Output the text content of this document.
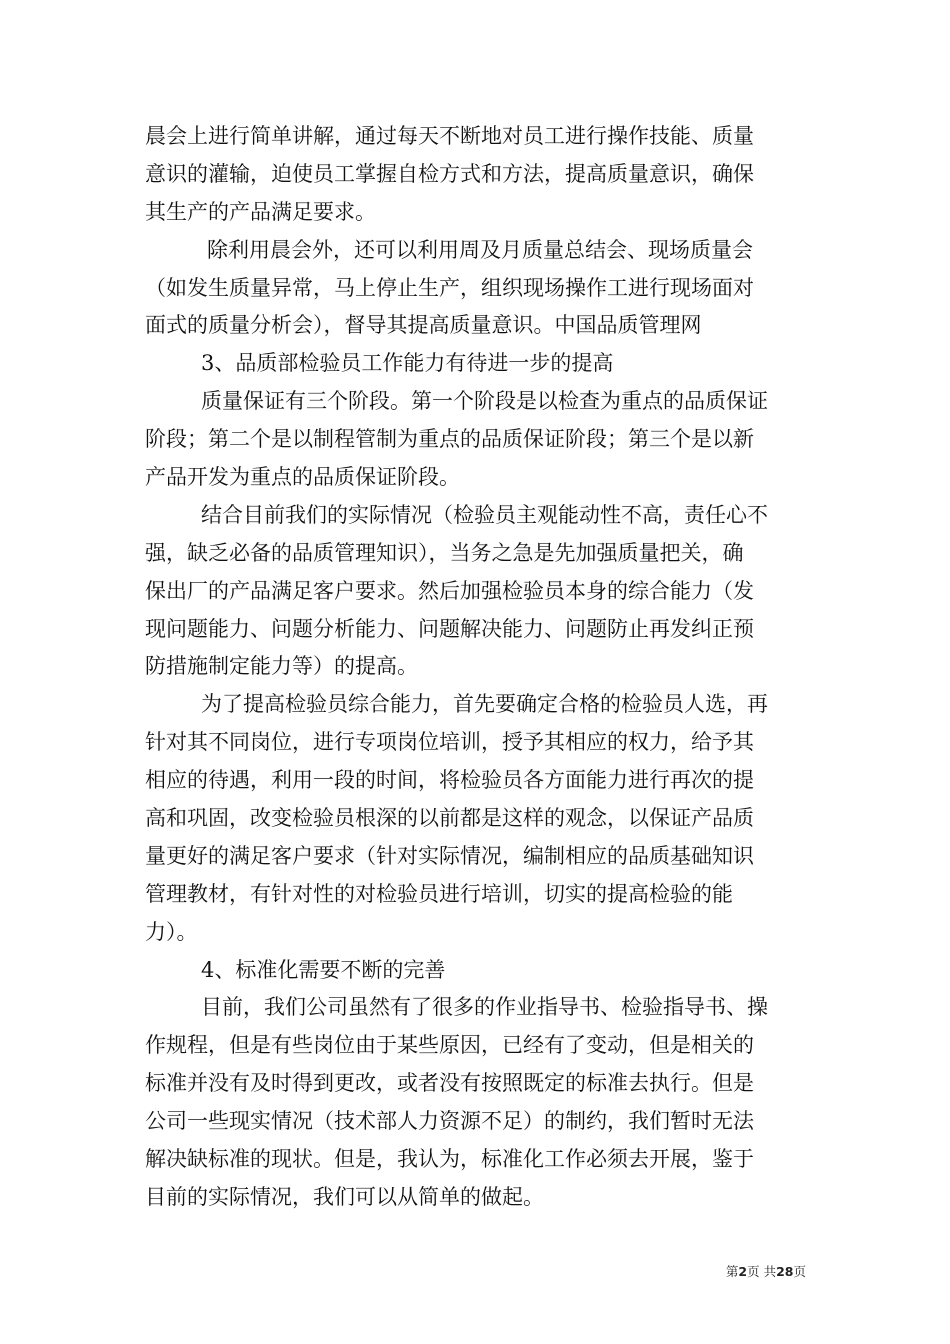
晨会上进行简单讲解，通过每天不断地对员工进行操作技能、质量
意识的灌输，迫使员工掌握自检方式和方法，提高质量意识，确保
其生产的产品满足要求。
除利用晨会外，还可以利用周及月质量总结会、现场质量会
（如发生质量异常，马上停止生产，组织现场操作工进行现场面对
面式的质量分析会），督导其提高质量意识。中国品质管理网
3、品质部检验员工作能力有待进一步的提高
质量保证有三个阶段。第一个阶段是以检查为重点的品质保证
阶段；第二个是以制程管制为重点的品质保证阶段；第三个是以新
产品开发为重点的品质保证阶段。
结合目前我们的实际情况（检验员主观能动性不高，责任心不
强，缺乏必备的品质管理知识），当务之急是先加强质量把关，确
保出厂的产品满足客户要求。然后加强检验员本身的综合能力（发
现问题能力、问题分析能力、问题解决能力、问题防止再发纠正预
防措施制定能力等）的提高。
为了提高检验员综合能力，首先要确定合格的检验员人选，再
针对其不同岗位，进行专项岗位培训，授予其相应的权力，给予其
相应的待遇，利用一段的时间，将检验员各方面能力进行再次的提
高和巩固，改变检验员根深的以前都是这样的观念，以保证产品质
量更好的满足客户要求（针对实际情况，编制相应的品质基础知识
管理教材，有针对性的对检验员进行培训，切实的提高检验的能
力）。
4、标准化需要不断的完善
目前，我们公司虽然有了很多的作业指导书、检验指导书、操
作规程，但是有些岗位由于某些原因，已经有了变动，但是相关的
标准并没有及时得到更改，或者没有按照既定的标准去执行。但是
公司一些现实情况（技术部人力资源不足）的制约，我们暂时无法
解决缺标准的现状。但是，我认为，标准化工作必须去开展，鉴于
目前的实际情况，我们可以从简单的做起。
第2页 共28页
